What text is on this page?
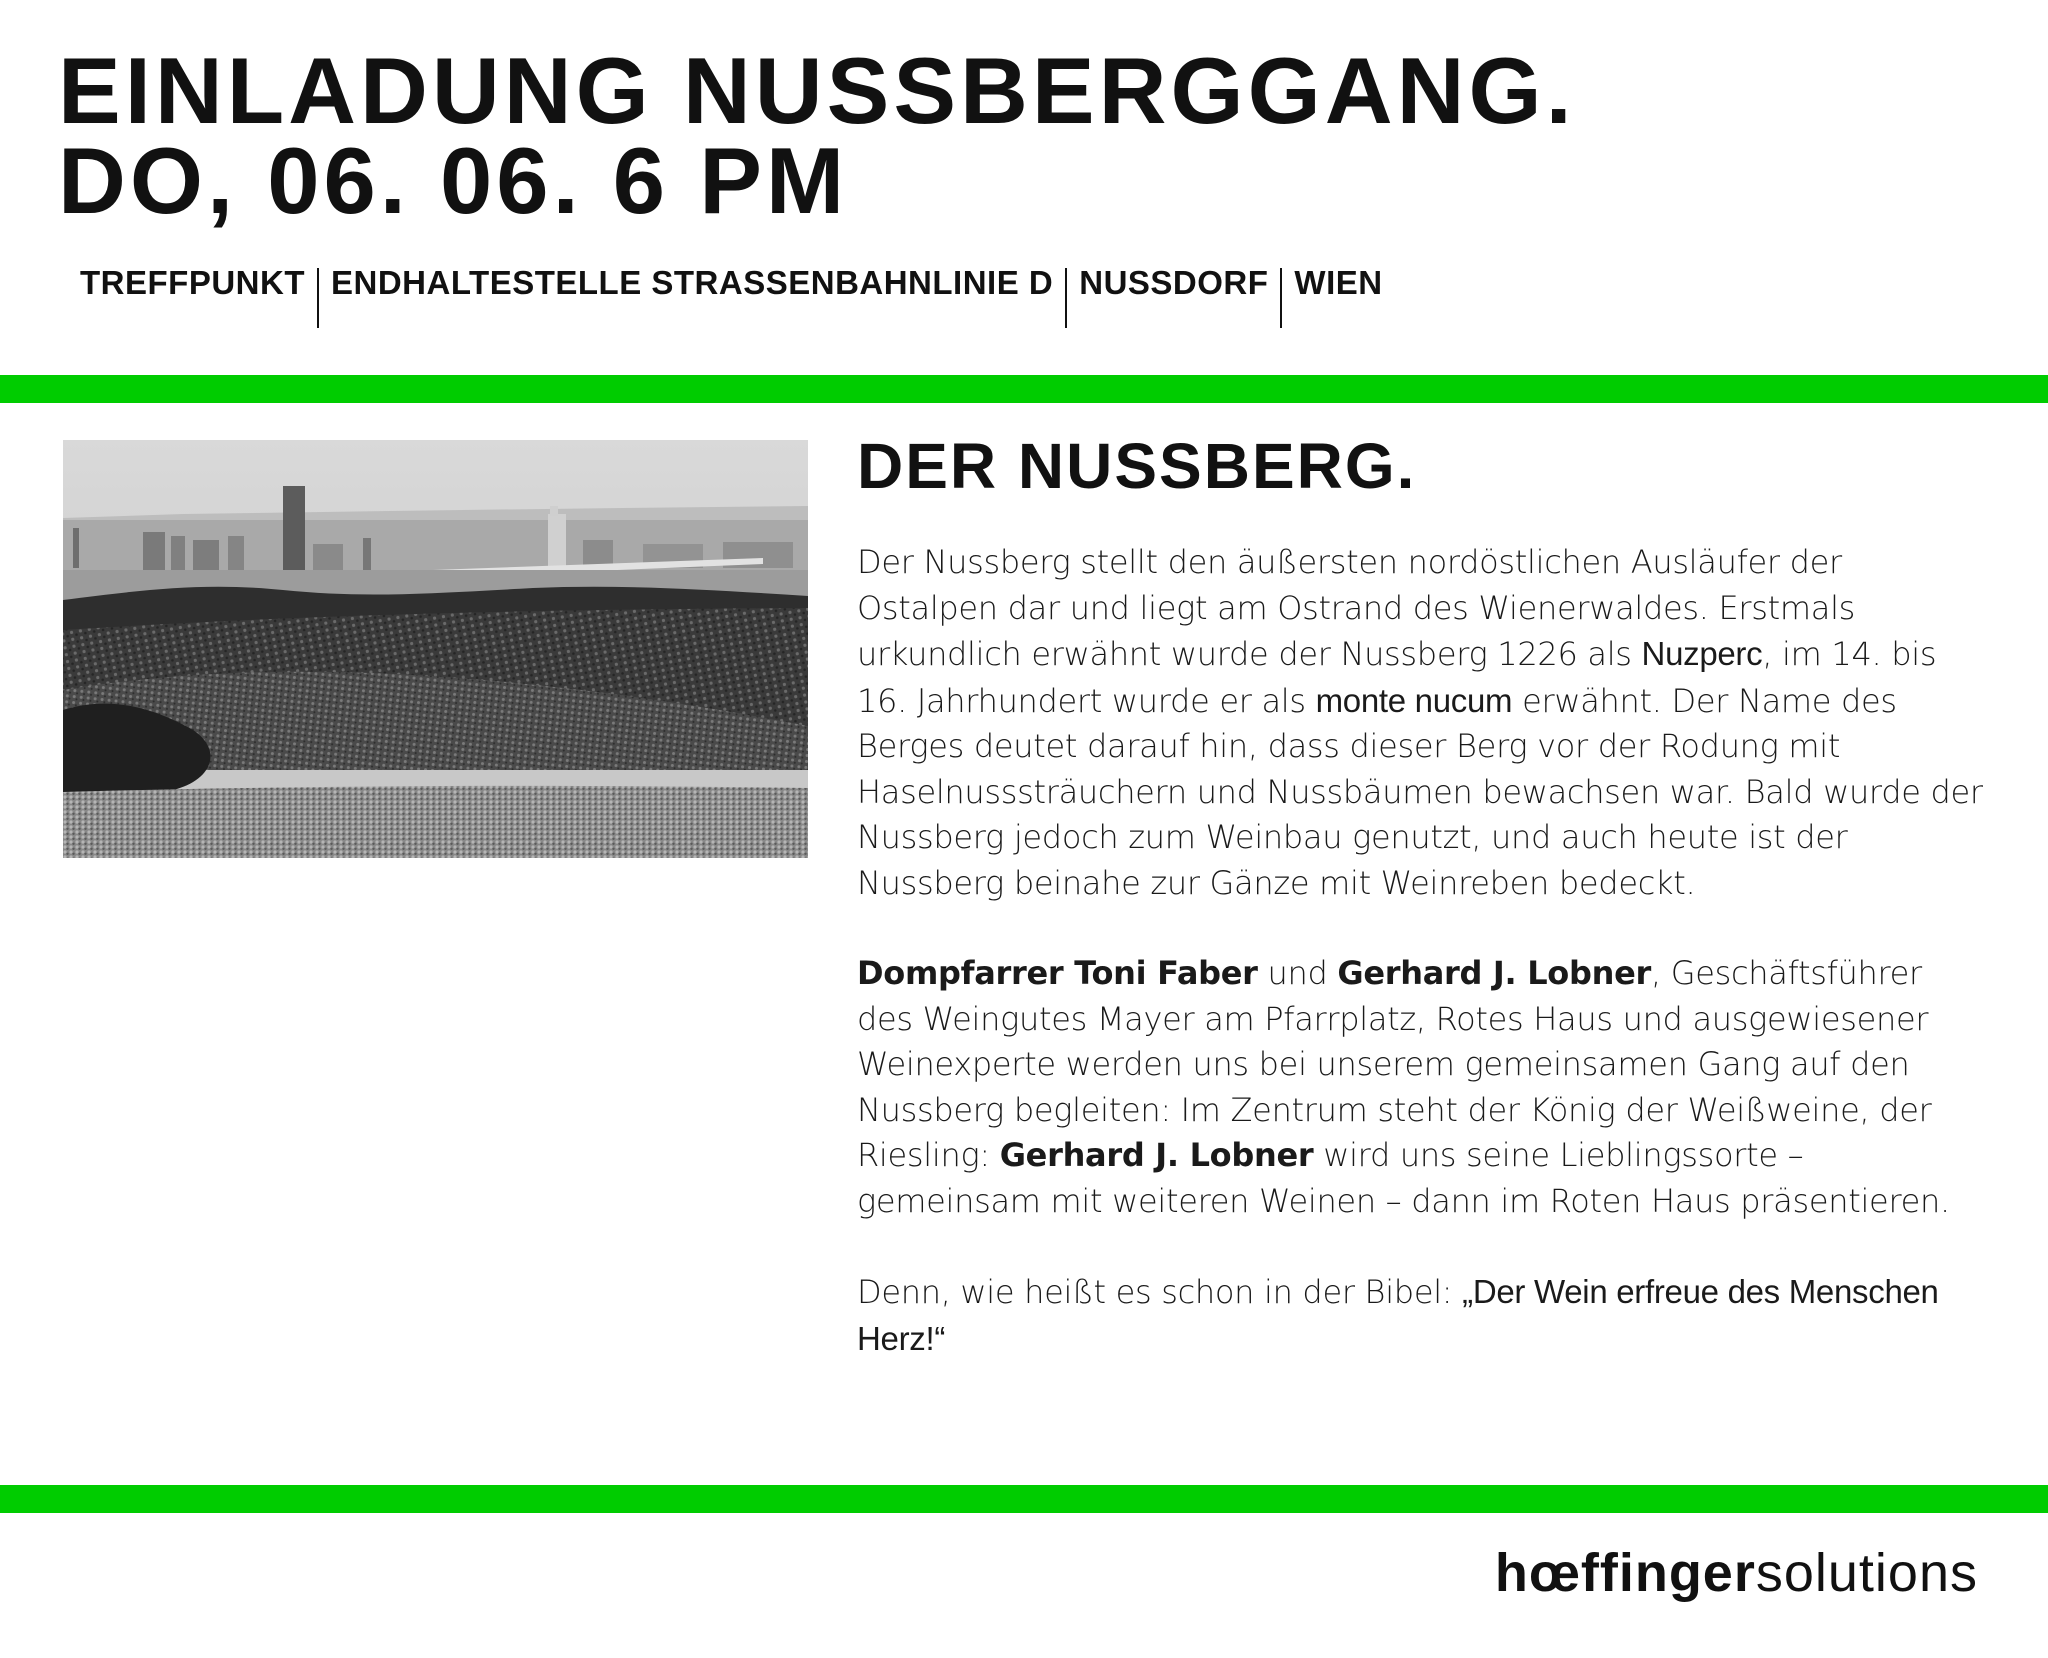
EINLADUNG NUSSBERGGANG.
DO, 06. 06. 6 PM
TREFFPUNKT ENDHALTESTELLE STRASSENBAHNLINIE D NUSSDORF WIEN
DER NUSSBERG.

Der Nussberg stellt den äußersten nordöstlichen Ausläufer der Ostalpen dar und liegt am Ostrand des Wienerwaldes. Erstmals urkundlich erwähnt wurde der Nussberg 1226 als Nuzperc, im 14. bis 16. Jahrhundert wurde er als monte nucum erwähnt. Der Name des Berges deutet darauf hin, dass dieser Berg vor der Rodung mit Haselnusssträuchern und Nussbäumen bewachsen war. Bald wurde der Nussberg jedoch zum Weinbau genutzt, und auch heute ist der Nussberg beinahe zur Gänze mit Weinreben bedeckt.

Dompfarrer Toni Faber und Gerhard J. Lobner, Geschäftsführer des Weingutes Mayer am Pfarrplatz, Rotes Haus und ausgewiesener Weinexperte werden uns bei unserem gemeinsamen Gang auf den Nussberg begleiten: Im Zentrum steht der König der Weißweine, der Riesling: Gerhard J. Lobner wird uns seine Lieblingssorte – gemeinsam mit weiteren Weinen – dann im Roten Haus präsentieren.

Denn, wie heißt es schon in der Bibel: „Der Wein erfreue des Menschen Herz!“

hœffingersolutions
